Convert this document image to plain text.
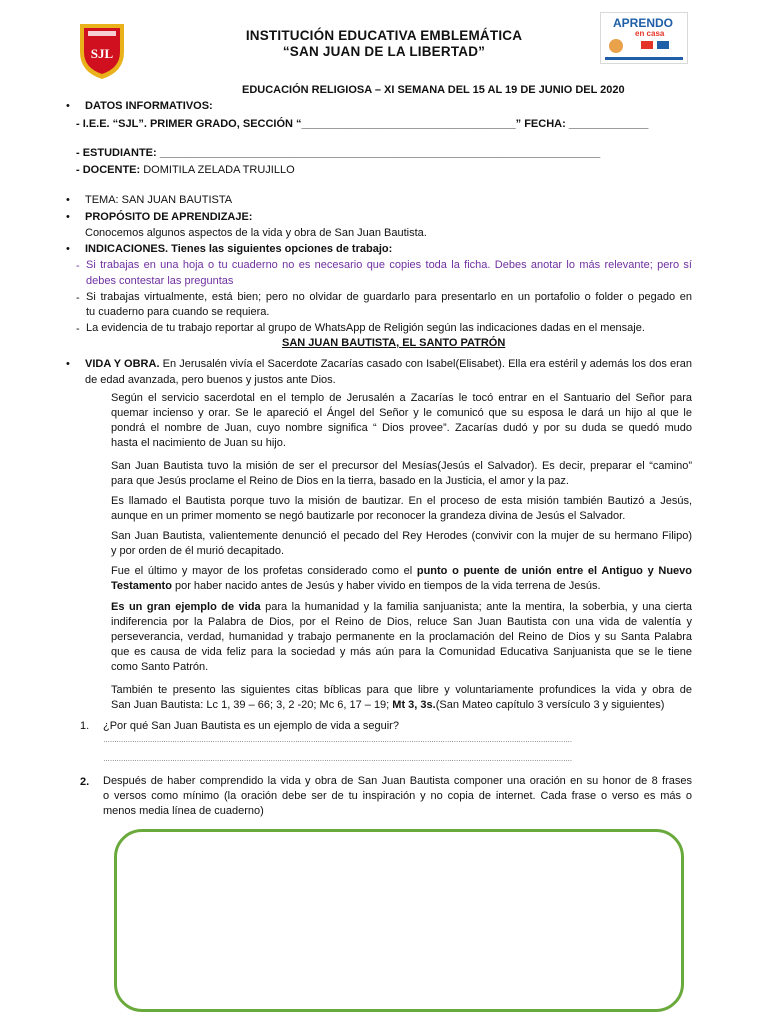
SJL
INSTITUCIÓN EDUCATIVA EMBLEMÁTICA
“SAN JUAN DE LA LIBERTAD”
APRENDO
en casa
EDUCACIÓN RELIGIOSA – XI SEMANA DEL 15 AL 19 DE JUNIO DEL 2020
• DATOS INFORMATIVOS:
- I.E.E. “SJL”. PRIMER GRADO, SECCIÓN “___________________________________” FECHA: _____________
- ESTUDIANTE: ________________________________________________________________________
- DOCENTE: DOMITILA ZELADA TRUJILLO
• TEMA: SAN JUAN BAUTISTA
• PROPÓSITO DE APRENDIZAJE:
Conocemos algunos aspectos de la vida y obra de San Juan Bautista.
• INDICACIONES. Tienes las siguientes opciones de trabajo:
- Si trabajas en una hoja o tu cuaderno no es necesario que copies toda la ficha. Debes anotar lo más relevante; pero sí
debes contestar las preguntas
- Si trabajas virtualmente, está bien; pero no olvidar de guardarlo para presentarlo en un portafolio o folder o pegado en
tu cuaderno para cuando se requiera.
- La evidencia de tu trabajo reportar al grupo de WhatsApp de Religión según las indicaciones dadas en el mensaje.
SAN JUAN BAUTISTA, EL SANTO PATRÓN
• VIDA Y OBRA. En Jerusalén vivía el Sacerdote Zacarías casado con Isabel(Elisabet). Ella era estéril y además los dos eran
de edad avanzada, pero buenos y justos ante Dios.
Según el servicio sacerdotal en el templo de Jerusalén a Zacarías le tocó entrar en el Santuario del Señor para
quemar incienso y orar. Se le apareció el Ángel del Señor y le comunicó que su esposa le dará un hijo al que le
pondrá el nombre de Juan, cuyo nombre significa “ Dios provee”. Zacarías dudó y por su duda se quedó mudo
hasta el nacimiento de Juan su hijo.
San Juan Bautista tuvo la misión de ser el precursor del Mesías(Jesús el Salvador). Es decir, preparar el “camino”
para que Jesús proclame el Reino de Dios en la tierra, basado en la Justicia, el amor y la paz.
Es llamado el Bautista porque tuvo la misión de bautizar. En el proceso de esta misión también Bautizó a Jesús,
aunque en un primer momento se negó bautizarle por reconocer la grandeza divina de Jesús el Salvador.
San Juan Bautista, valientemente denunció el pecado del Rey Herodes (convivir con la mujer de su hermano Filipo)
y por orden de él murió decapitado.
Fue el último y mayor de los profetas considerado como el punto o puente de unión entre el Antiguo y Nuevo
Testamento por haber nacido antes de Jesús y haber vivido en tiempos de la vida terrena de Jesús.
Es un gran ejemplo de vida para la humanidad y la familia sanjuanista; ante la mentira, la soberbia, y una cierta
indiferencia por la Palabra de Dios, por el Reino de Dios, reluce San Juan Bautista con una vida de valentía y
perseverancia, verdad, humanidad y trabajo permanente en la proclamación del Reino de Dios y su Santa Palabra
que es causa de vida feliz para la sociedad y más aún para la Comunidad Educativa Sanjuanista que se le tiene
como Santo Patrón.
También te presento las siguientes citas bíblicas para que libre y voluntariamente profundices la vida y obra de
San Juan Bautista: Lc 1, 39 – 66; 3, 2 -20; Mc 6, 17 – 19; Mt 3, 3s.(San Mateo capítulo 3 versículo 3 y siguientes)
1. ¿Por qué San Juan Bautista es un ejemplo de vida a seguir?
…………………………………………………………………………………………………………………………………………………………………………………………
…………………………………………………………………………………………………………………………………………………………………………………………
2. Después de haber comprendido la vida y obra de San Juan Bautista componer una oración en su honor de 8 frases
o versos como mínimo (la oración debe ser de tu inspiración y no copia de internet. Cada frase o verso es más o
menos media línea de cuaderno)
